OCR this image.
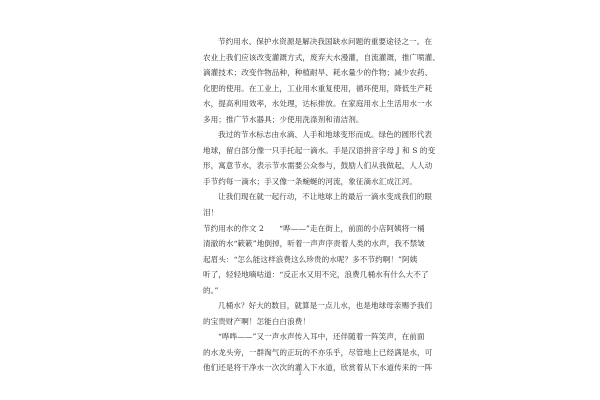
节约用水、保护水资源是解决我国缺水问题的重要途径之一。在
农业上我们应该改变灌溉方式，废弃大水漫灌，自流灌溉，推广喷灌、
滴灌技术；改变作物品种，种植耐旱、耗水量少的作物；减少农药、
化肥的使用。在工业上，工业用水重复使用，循环使用，降低生产耗
水，提高利用效率，水处理，达标排放。在家庭用水上生活用水一水
多用；推广节水器具；少使用洗涤剂和清洁剂。
我过的节水标志由水滴、人手和地球变形而成。绿色的圆形代表
地球，留白部分像一只手托起一滴水。手是汉语拼音字母 J 和 S 的变
形，寓意节水，表示节水需要公众参与，鼓励人们从我做起，人人动
手节约每一滴水；手又像一条蜿蜒的河流，象征滴水汇成江河。
让我们现在就一起行动，不让地球上的最后一滴水变成我们的眼
泪！
节约用水的作文 2　　“哗——”走在街上，前面的小店阿姨将一桶
清澈的水“簌簌”地倒掉，听着一声声序责着人类的水声，我不禁皱
起眉头：“怎么能这样浪费这么珍贵的水呢？多不节约啊！”阿姨
听了，轻轻地嘀咕道：“反正水又用不完，浪费几桶水有什么大不了
的。”
几桶水？好大的数目，就算是一点儿水，也是地球母亲赐予我们
的宝贵财产啊！怎能白白浪费！
“哗哗——”又一声水声传入耳中，还伴随着一阵笑声，在前面
的水龙头旁，一群淘气的正玩的不亦乐乎，尽管地上已经满是水，可
他们还是将干净水一次次的灌入下水道，欣赏着从下水道传来的一阵
2
